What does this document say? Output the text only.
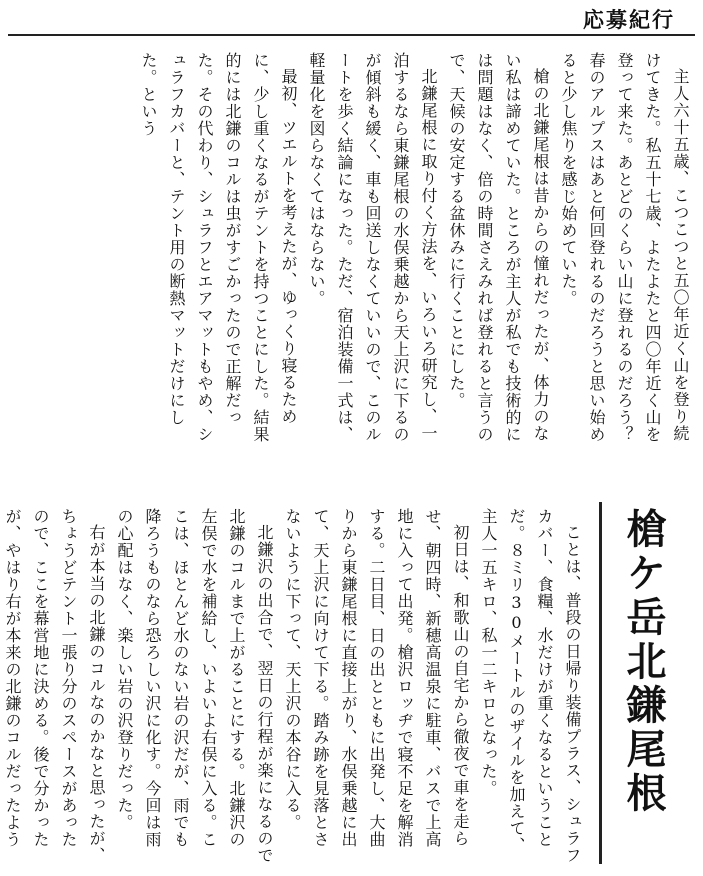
応募紀行
主人六十五歳、こつこつと五〇年近く山を登り続けてきた。私五十七歳、よたよたと四〇年近く山を登って来た。あとどのくらい山に登れるのだろう？　春のアルプスはあと何回登れるのだろうと思い始めると少し焦りを感じ始めていた。
槍の北鎌尾根は昔からの憧れだったが、体力のない私は諦めていた。ところが主人が私でも技術的には問題はなく、倍の時間さえみれば登れると言うので、天候の安定する盆休みに行くことにした。
北鎌尾根に取り付く方法を、いろいろ研究し、一泊するなら東鎌尾根の水俣乗越から天上沢に下るのが傾斜も緩く、車も回送しなくていいので、このルートを歩く結論になった。ただ、宿泊装備一式は、軽量化を図らなくてはならない。
最初、ツエルトを考えたが、ゆっくり寝るために、少し重くなるがテントを持つことにした。結果的には北鎌のコルは虫がすごかったので正解だった。その代わり、シュラフとエアマットもやめ、シュラフカバーと、テント用の断熱マットだけにした。という
槍ケ岳北鎌尾根
ことは、普段の日帰り装備プラス、シュラフカバー、食糧、水だけが重くなるということだ。８ミリ30メートルのザイルを加えて、主人一五キロ、私一二キロとなった。
初日は、和歌山の自宅から徹夜で車を走らせ、朝四時、新穂高温泉に駐車、バスで上高地に入って出発。槍沢ロッヂで寝不足を解消する。二日目、日の出とともに出発し、大曲りから東鎌尾根に直接上がり、水俣乗越に出て、天上沢に向けて下る。踏み跡を見落とさないように下って、天上沢の本谷に入る。
北鎌沢の出合で、翌日の行程が楽になるので北鎌のコルまで上がることにする。北鎌沢の左俣で水を補給し、いよいよ右俣に入る。ここは、ほとんど水のない岩の沢だが、雨でも降ろうものなら恐ろしい沢に化す。今回は雨の心配はなく、楽しい岩の沢登りだった。
右が本当の北鎌のコルなのかなと思ったが、ちょうどテント一張り分のスペースがあったので、ここを幕営地に決める。後で分かったが、やはり右が本来の北鎌のコルだったよう
